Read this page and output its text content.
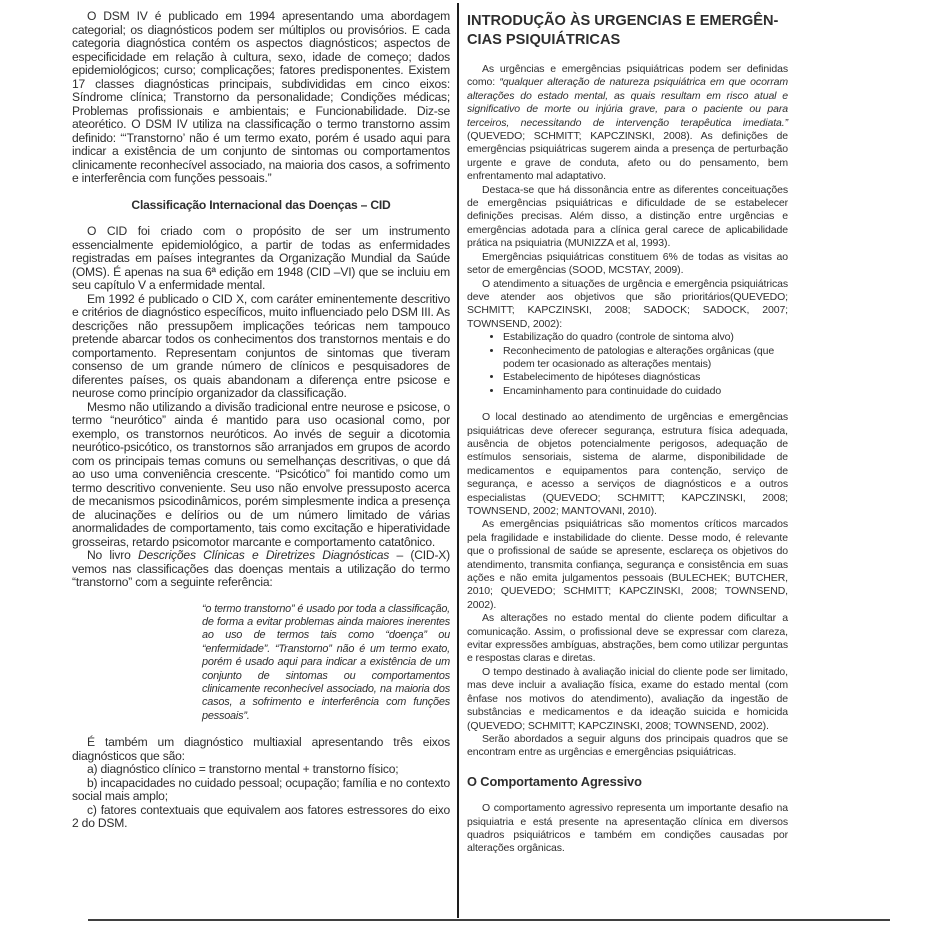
O DSM IV é publicado em 1994 apresentando uma abordagem categorial; os diagnósticos podem ser múltiplos ou provisórios. E cada categoria diagnóstica contém os aspectos diagnósticos; aspectos de especificidade em relação à cultura, sexo, idade de começo; dados epidemiológicos; curso; complicações; fatores predisponentes. Existem 17 classes diagnósticas principais, subdivididas em cinco eixos: Síndrome clínica; Transtorno da personalidade; Condições médicas; Problemas profissionais e ambientais; e Funcionabilidade. Diz-se ateorético. O DSM IV utiliza na classificação o termo transtorno assim definido: “‘Transtorno’ não é um termo exato, porém é usado aqui para indicar a existência de um conjunto de sintomas ou comportamentos clinicamente reconhecível associado, na maioria dos casos, a sofrimento e interferência com funções pessoais.”

Classificação Internacional das Doenças – CID

O CID foi criado com o propósito de ser um instrumento essencialmente epidemiológico, a partir de todas as enfermidades registradas em países integrantes da Organização Mundial da Saúde (OMS). É apenas na sua 6ª edição em 1948 (CID –VI) que se incluiu em seu capítulo V a enfermidade mental.

Em 1992 é publicado o CID X, com caráter eminentemente descritivo e critérios de diagnóstico específicos, muito influenciado pelo DSM III. As descrições não pressupõem implicações teóricas nem tampouco pretende abarcar todos os conhecimentos dos transtornos mentais e do comportamento. Representam conjuntos de sintomas que tiveram consenso de um grande número de clínicos e pesquisadores de diferentes países, os quais abandonam a diferença entre psicose e neurose como princípio organizador da classificação.

Mesmo não utilizando a divisão tradicional entre neurose e psicose, o termo “neurótico” ainda é mantido para uso ocasional como, por exemplo, os transtornos neuróticos. Ao invés de seguir a dicotomia neurótico-psicótico, os transtornos são arranjados em grupos de acordo com os principais temas comuns ou semelhanças descritivas, o que dá ao uso uma conveniência crescente. “Psicótico” foi mantido como um termo descritivo conveniente. Seu uso não envolve pressuposto acerca de mecanismos psicodinâmicos, porém simplesmente indica a presença de alucinações e delírios ou de um número limitado de várias anormalidades de comportamento, tais como excitação e hiperatividade grosseiras, retardo psicomotor marcante e comportamento catatônico.

No livro Descrições Clínicas e Diretrizes Diagnósticas – (CID-X) vemos nas classificações das doenças mentais a utilização do termo “transtorno” com a seguinte referência:

“o termo transtorno” é usado por toda a classificação, de forma a evitar problemas ainda maiores inerentes ao uso de termos tais como “doença” ou “enfermidade”. “Transtorno” não é um termo exato, porém é usado aqui para indicar a existência de um conjunto de sintomas ou comportamentos clinicamente reconhecível associado, na maioria dos casos, a sofrimento e interferência com funções pessoais”.

É também um diagnóstico multiaxial apresentando três eixos diagnósticos que são:

a) diagnóstico clínico = transtorno mental + transtorno físico;

b) incapacidades no cuidado pessoal; ocupação; família e no contexto social mais amplo;

c) fatores contextuais que equivalem aos fatores estressores do eixo 2 do DSM.

INTRODUÇÃO ÀS URGENCIAS E EMERGÊN-
CIAS PSIQUIÁTRICAS

As urgências e emergências psiquiátricas podem ser definidas como: “qualquer alteração de natureza psiquiátrica em que ocorram alterações do estado mental, as quais resultam em risco atual e significativo de morte ou injúria grave, para o paciente ou para terceiros, necessitando de intervenção terapêutica imediata.” (QUEVEDO; SCHMITT; KAPCZINSKI, 2008). As definições de emergências psiquiátricas sugerem ainda a presença de perturbação urgente e grave de conduta, afeto ou do pensamento, bem enfrentamento mal adaptativo.

Destaca-se que há dissonância entre as diferentes conceituações de emergências psiquiátricas e dificuldade de se estabelecer definições precisas. Além disso, a distinção entre urgências e emergências adotada para a clínica geral carece de aplicabilidade prática na psiquiatria (MUNIZZA et al, 1993).

Emergências psiquiátricas constituem 6% de todas as visitas ao setor de emergências (SOOD, MCSTAY, 2009).

O atendimento a situações de urgência e emergência psiquiátricas deve atender aos objetivos que são prioritários(QUEVEDO; SCHMITT; KAPCZINSKI, 2008; SADOCK; SADOCK, 2007; TOWNSEND, 2002):

• Estabilização do quadro (controle de sintoma alvo)
• Reconhecimento de patologias e alterações orgânicas (que podem ter ocasionado as alterações mentais)
• Estabelecimento de hipóteses diagnósticas
• Encaminhamento para continuidade do cuidado

O local destinado ao atendimento de urgências e emergências psiquiátricas deve oferecer segurança, estrutura física adequada, ausência de objetos potencialmente perigosos, adequação de estímulos sensoriais, sistema de alarme, disponibilidade de medicamentos e equipamentos para contenção, serviço de segurança, e acesso a serviços de diagnósticos e a outros especialistas (QUEVEDO; SCHMITT; KAPCZINSKI, 2008; TOWNSEND, 2002; MANTOVANI, 2010).

As emergências psiquiátricas são momentos críticos marcados pela fragilidade e instabilidade do cliente. Desse modo, é relevante que o profissional de saúde se apresente, esclareça os objetivos do atendimento, transmita confiança, segurança e consistência em suas ações e não emita julgamentos pessoais (BULECHEK; BUTCHER, 2010; QUEVEDO; SCHMITT; KAPCZINSKI, 2008; TOWNSEND, 2002).

As alterações no estado mental do cliente podem dificultar a comunicação. Assim, o profissional deve se expressar com clareza, evitar expressões ambíguas, abstrações, bem como utilizar perguntas e respostas claras e diretas.

O tempo destinado à avaliação inicial do cliente pode ser limitado, mas deve incluir a avaliação física, exame do estado mental (com ênfase nos motivos do atendimento), avaliação da ingestão de substâncias e medicamentos e da ideação suicida e homicida (QUEVEDO; SCHMITT; KAPCZINSKI, 2008; TOWNSEND, 2002).

Serão abordados a seguir alguns dos principais quadros que se encontram entre as urgências e emergências psiquiátricas.

O Comportamento Agressivo

O comportamento agressivo representa um importante desafio na psiquiatria e está presente na apresentação clínica em diversos quadros psiquiátricos e também em condições causadas por alterações orgânicas.
